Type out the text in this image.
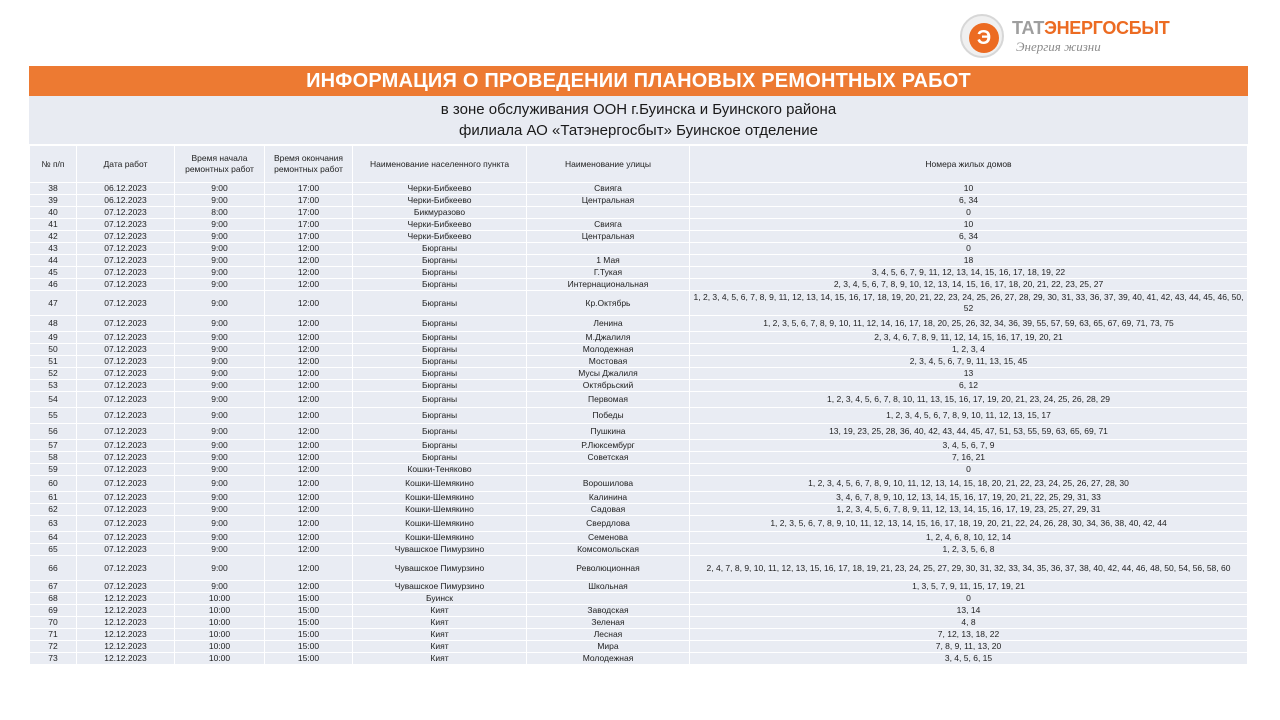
Э	ТАТЭНЕРГОСБЫТ
Энергия жизни
ИНФОРМАЦИЯ О ПРОВЕДЕНИИ ПЛАНОВЫХ РЕМОНТНЫХ РАБОТ
в зоне обслуживания ООН г.Буинска и Буинского района
филиала АО «Татэнергосбыт» Буинское отделение
№ п/п	Дата работ	Время начала ремонтных работ	Время окончания ремонтных работ	Наименование населенного пункта	Наименование улицы	Номера жилых домов
38	06.12.2023	9:00	17:00	Черки-Бибкеево	Свияга	10
39	06.12.2023	9:00	17:00	Черки-Бибкеево	Центральная	6, 34
40	07.12.2023	8:00	17:00	Бикмуразово		0
41	07.12.2023	9:00	17:00	Черки-Бибкеево	Свияга	10
42	07.12.2023	9:00	17:00	Черки-Бибкеево	Центральная	6, 34
43	07.12.2023	9:00	12:00	Бюрганы		0
44	07.12.2023	9:00	12:00	Бюрганы	1 Мая	18
45	07.12.2023	9:00	12:00	Бюрганы	Г.Тукая	3, 4, 5, 6, 7, 9, 11, 12, 13, 14, 15, 16, 17, 18, 19, 22
46	07.12.2023	9:00	12:00	Бюрганы	Интернациональная	2, 3, 4, 5, 6, 7, 8, 9, 10, 12, 13, 14, 15, 16, 17, 18, 20, 21, 22, 23, 25, 27
47	07.12.2023	9:00	12:00	Бюрганы	Кр.Октябрь	1, 2, 3, 4, 5, 6, 7, 8, 9, 11, 12, 13, 14, 15, 16, 17, 18, 19, 20, 21, 22, 23, 24, 25, 26, 27, 28, 29, 30, 31, 33, 36, 37, 39, 40, 41, 42, 43, 44, 45, 46, 50, 52
48	07.12.2023	9:00	12:00	Бюрганы	Ленина	1, 2, 3, 5, 6, 7, 8, 9, 10, 11, 12, 14, 16, 17, 18, 20, 25, 26, 32, 34, 36, 39, 55, 57, 59, 63, 65, 67, 69, 71, 73, 75
49	07.12.2023	9:00	12:00	Бюрганы	М.Джалиля	2, 3, 4, 6, 7, 8, 9, 11, 12, 14, 15, 16, 17, 19, 20, 21
50	07.12.2023	9:00	12:00	Бюрганы	Молодежная	1, 2, 3, 4
51	07.12.2023	9:00	12:00	Бюрганы	Мостовая	2, 3, 4, 5, 6, 7, 9, 11, 13, 15, 45
52	07.12.2023	9:00	12:00	Бюрганы	Мусы Джалиля	13
53	07.12.2023	9:00	12:00	Бюрганы	Октябрьский	6, 12
54	07.12.2023	9:00	12:00	Бюрганы	Первомая	1, 2, 3, 4, 5, 6, 7, 8, 10, 11, 13, 15, 16, 17, 19, 20, 21, 23, 24, 25, 26, 28, 29
55	07.12.2023	9:00	12:00	Бюрганы	Победы	1, 2, 3, 4, 5, 6, 7, 8, 9, 10, 11, 12, 13, 15, 17
56	07.12.2023	9:00	12:00	Бюрганы	Пушкина	13, 19, 23, 25, 28, 36, 40, 42, 43, 44, 45, 47, 51, 53, 55, 59, 63, 65, 69, 71
57	07.12.2023	9:00	12:00	Бюрганы	Р.Люксембург	3, 4, 5, 6, 7, 9
58	07.12.2023	9:00	12:00	Бюрганы	Советская	7, 16, 21
59	07.12.2023	9:00	12:00	Кошки-Теняково		0
60	07.12.2023	9:00	12:00	Кошки-Шемякино	Ворошилова	1, 2, 3, 4, 5, 6, 7, 8, 9, 10, 11, 12, 13, 14, 15, 18, 20, 21, 22, 23, 24, 25, 26, 27, 28, 30
61	07.12.2023	9:00	12:00	Кошки-Шемякино	Калинина	3, 4, 6, 7, 8, 9, 10, 12, 13, 14, 15, 16, 17, 19, 20, 21, 22, 25, 29, 31, 33
62	07.12.2023	9:00	12:00	Кошки-Шемякино	Садовая	1, 2, 3, 4, 5, 6, 7, 8, 9, 11, 12, 13, 14, 15, 16, 17, 19, 23, 25, 27, 29, 31
63	07.12.2023	9:00	12:00	Кошки-Шемякино	Свердлова	1, 2, 3, 5, 6, 7, 8, 9, 10, 11, 12, 13, 14, 15, 16, 17, 18, 19, 20, 21, 22, 24, 26, 28, 30, 34, 36, 38, 40, 42, 44
64	07.12.2023	9:00	12:00	Кошки-Шемякино	Семенова	1, 2, 4, 6, 8, 10, 12, 14
65	07.12.2023	9:00	12:00	Чувашское Пимурзино	Комсомольская	1, 2, 3, 5, 6, 8
66	07.12.2023	9:00	12:00	Чувашское Пимурзино	Революционная	2, 4, 7, 8, 9, 10, 11, 12, 13, 15, 16, 17, 18, 19, 21, 23, 24, 25, 27, 29, 30, 31, 32, 33, 34, 35, 36, 37, 38, 40, 42, 44, 46, 48, 50, 54, 56, 58, 60
67	07.12.2023	9:00	12:00	Чувашское Пимурзино	Школьная	1, 3, 5, 7, 9, 11, 15, 17, 19, 21
68	12.12.2023	10:00	15:00	Буинск		0
69	12.12.2023	10:00	15:00	Кият	Заводская	13, 14
70	12.12.2023	10:00	15:00	Кият	Зеленая	4, 8
71	12.12.2023	10:00	15:00	Кият	Лесная	7, 12, 13, 18, 22
72	12.12.2023	10:00	15:00	Кият	Мира	7, 8, 9, 11, 13, 20
73	12.12.2023	10:00	15:00	Кият	Молодежная	3, 4, 5, 6, 15
